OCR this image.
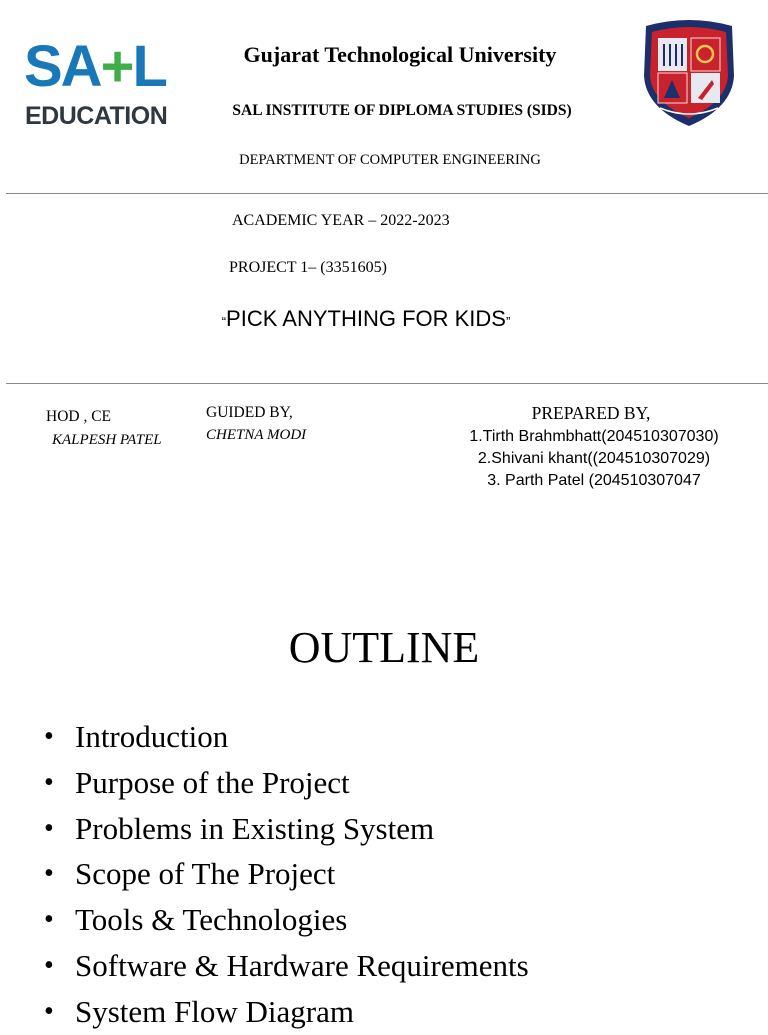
SA+L
EDUCATION
Gujarat Technological University
SAL INSTITUTE OF DIPLOMA STUDIES (SIDS)
DEPARTMENT OF COMPUTER ENGINEERING
ACADEMIC YEAR – 2022-2023
PROJECT 1– (3351605)
“PICK ANYTHING FOR KIDS”
HOD , CE
KALPESH PATEL
GUIDED BY,
CHETNA MODI
PREPARED BY,
1.Tirth Brahmbhatt(204510307030)
2.Shivani khant((204510307029)
3. Parth Patel (204510307047
OUTLINE
• Introduction
• Purpose of the Project
• Problems in Existing System
• Scope of The Project
• Tools & Technologies
• Software & Hardware Requirements
• System Flow Diagram
